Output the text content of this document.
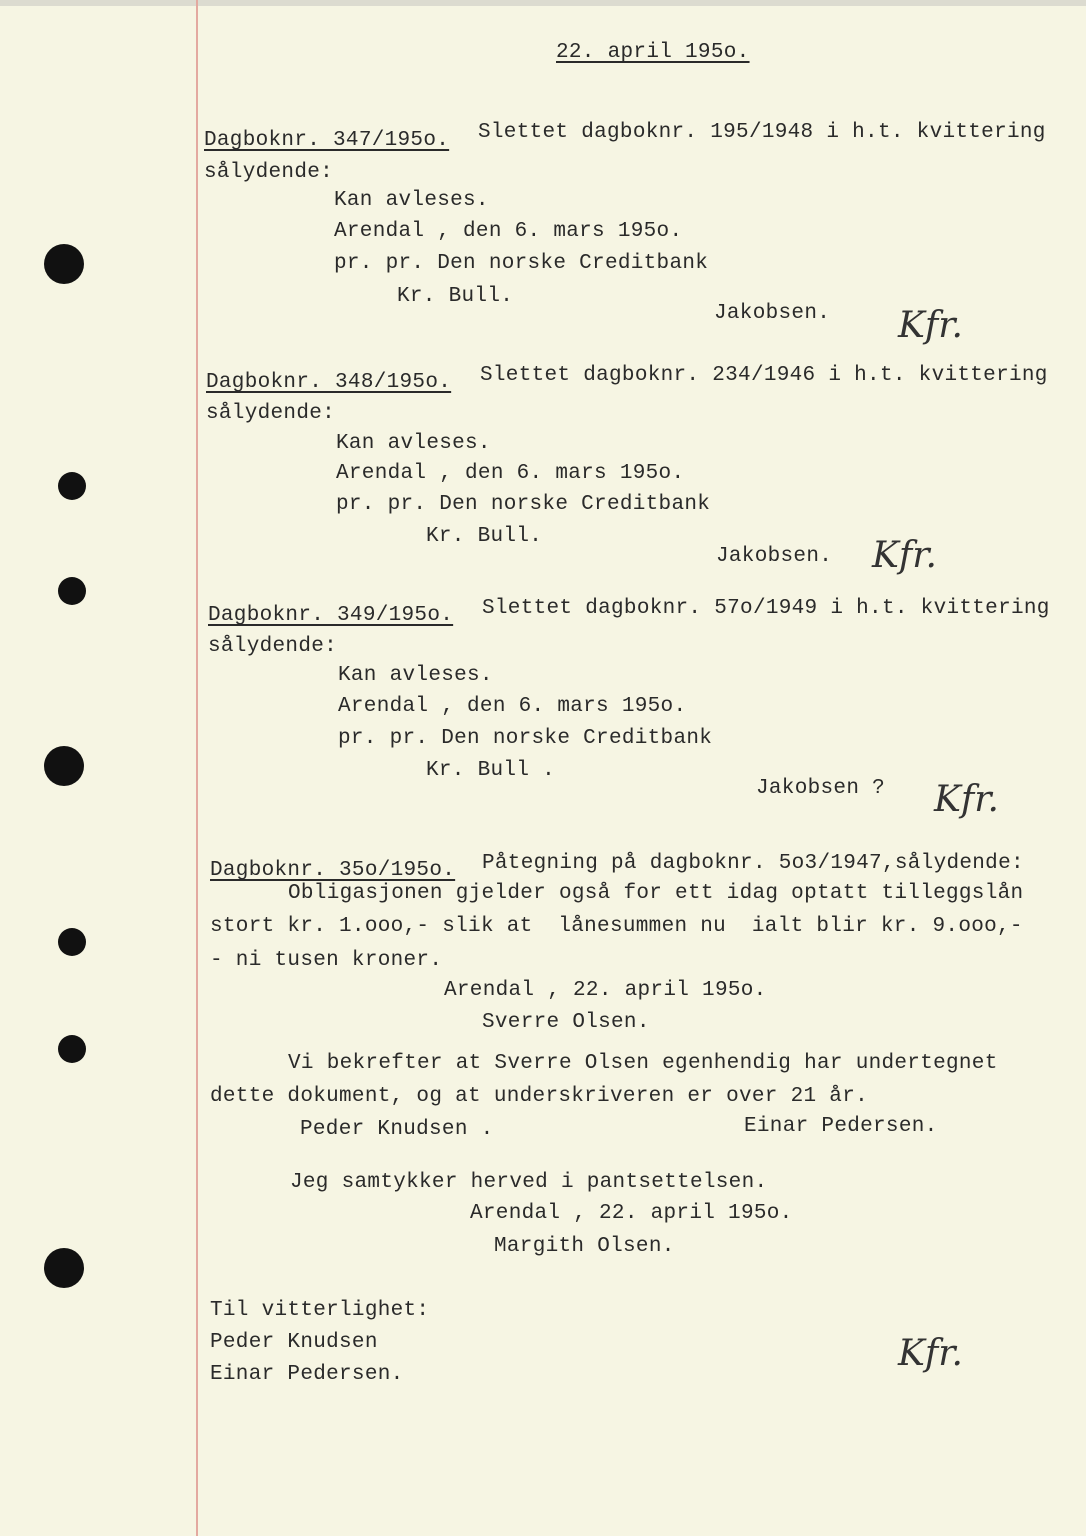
22. april 195o.
Dagboknr. 347/195o. Slettet dagboknr. 195/1948 i h.t. kvittering
sålydende:
Kan avleses.
Arendal , den 6. mars 195o.
pr. pr. Den norske Creditbank
Kr. Bull.
Jakobsen. Kfr.
Dagboknr. 348/195o. Slettet dagboknr. 234/1946 i h.t. kvittering
sålydende:
Kan avleses.
Arendal , den 6. mars 195o.
pr. pr. Den norske Creditbank
Kr. Bull.
Jakobsen. Kfr.
Dagboknr. 349/195o. Slettet dagboknr. 57o/1949 i h.t. kvittering
sålydende:
Kan avleses.
Arendal , den 6. mars 195o.
pr. pr. Den norske Creditbank
Kr. Bull .
Jakobsen ? Kfr.
Dagboknr. 35o/195o. Påtegning på dagboknr. 5o3/1947,sålydende:
Obligasjonen gjelder også for ett idag optatt tilleggslån
stort kr. 1.ooo,- slik at  lånesummen nu  ialt blir kr. 9.ooo,-
- ni tusen kroner.
Arendal , 22. april 195o.
Sverre Olsen.
Vi bekrefter at Sverre Olsen egenhendig har undertegnet
dette dokument, og at underskriveren er over 21 år.
Peder Knudsen .	Einar Pedersen.
Jeg samtykker herved i pantsettelsen.
Arendal , 22. april 195o.
Margith Olsen.
Til vitterlighet:
Peder Knudsen
Einar Pedersen.
Kfr.
